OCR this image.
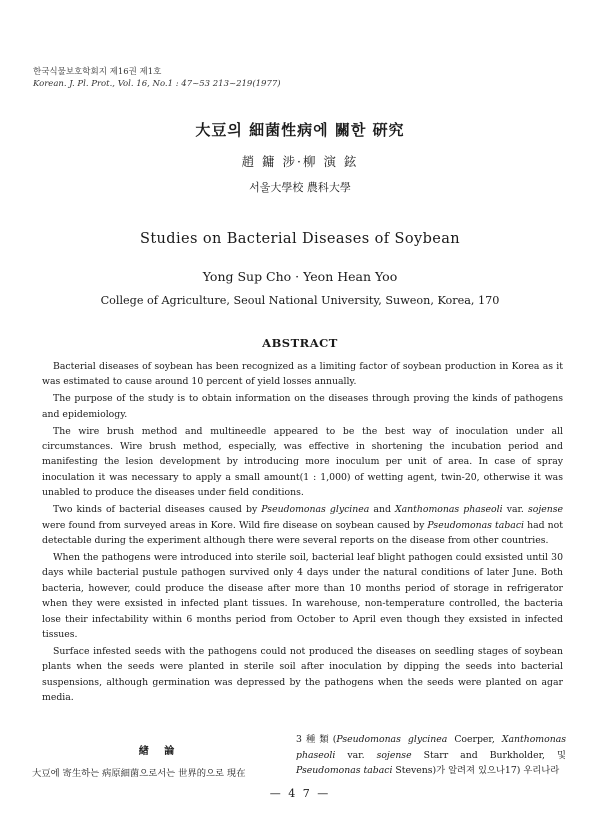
한국식물보호학회지 제16권 제1호
Korean. J. Pl. Prot., Vol. 16, No.1 : 47~53 213~219(1977)
大豆의 細菌性病에 關한 硏究
趙 鏞 涉·柳 演 鉉
서울大學校 農科大學
Studies on Bacterial Diseases of Soybean
Yong Sup Cho · Yeon Hean Yoo
College of Agriculture, Seoul National University, Suweon, Korea, 170
ABSTRACT

Bacterial diseases of soybean has been recognized as a limiting factor of soybean production in Korea as it was estimated to cause around 10 percent of yield losses annually.

The purpose of the study is to obtain information on the diseases through proving the kinds of pathogens and epidemiology.

The wire brush method and multineedle appeared to be the best way of inoculation under all circumstances. Wire brush method, especially, was effective in shortening the incubation period and manifesting the lesion development by introducing more inoculum per unit of area. In case of spray inoculation it was necessary to apply a small amount(1 : 1,000) of wetting agent, twin-20, otherwise it was unabled to produce the diseases under field conditions.

Two kinds of bacterial diseases caused by Pseudomonas glycinea and Xanthomonas phaseoli var. sojense were found from surveyed areas in Kore. Wild fire disease on soybean caused by Pseudomonas tabaci had not detectable during the experiment although there were several reports on the disease from other countries.

When the pathogens were introduced into sterile soil, bacterial leaf blight pathogen could exsisted until 30 days while bacterial pustule pathogen survived only 4 days under the natural conditions of later June. Both bacteria, however, could produce the disease after more than 10 months period of storage in refrigerator when they were exsisted in infected plant tissues. In warehouse, non-temperature controlled, the bacteria lose their infectability within 6 months period from October to April even though they exsisted in infected tissues.

Surface infested seeds with the pathogens could not produced the diseases on seedling stages of soybean plants when the seeds were planted in sterile soil after inoculation by dipping the seeds into bacterial suspensions, although germination was depressed by the pathogens when the seeds were planted on agar media.

緖 論

大豆에 寄生하는 病原細菌으로서는 世界的으로 現在

3種類(Pseudomonas glycinea Coerper, Xanthomonas phaseoli var. sojense Starr and Burkholder, 및 Pseudomonas tabaci Stevens)가 알려져 있으나17) 우리나라

— 4 7 —
